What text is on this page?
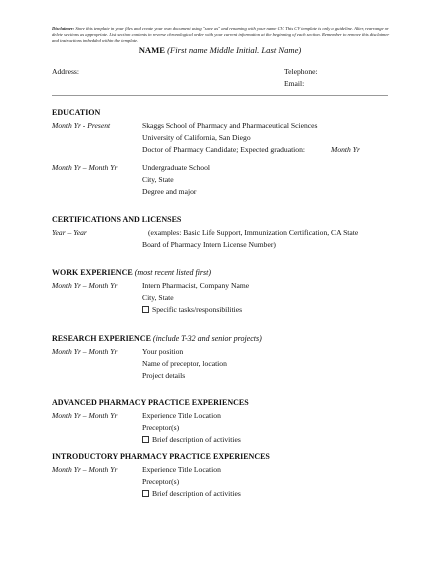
Disclaimer: Store this template in your files and create your own document using "save as" and renaming with your name CV. This CV template is only a guideline. Alter, rearrange or delete sections as appropriate. List section contents in reverse chronological order with your current information at the beginning of each section. Remember to remove this disclaimer and instructions imbedded within the template.
NAME (First name Middle Initial. Last Name)
Address:	Telephone:
Email:
EDUCATION
Month Yr - Present	Skaggs School of Pharmacy and Pharmaceutical Sciences
University of California, San Diego
Doctor of Pharmacy Candidate; Expected graduation:	Month Yr
Month Yr – Month Yr	Undergraduate School
City, State
Degree and major
CERTIFICATIONS AND LICENSES
Year – Year	(examples: Basic Life Support, Immunization Certification, CA State
Board of Pharmacy Intern License Number)
WORK EXPERIENCE (most recent listed first)
Month Yr – Month Yr	Intern Pharmacist, Company Name
City, State
Specific tasks/responsibilities
RESEARCH EXPERIENCE (include T-32 and senior projects)
Month Yr – Month Yr	Your position
Name of preceptor, location
Project details
ADVANCED PHARMACY PRACTICE EXPERIENCES
Month Yr – Month Yr	Experience Title Location
Preceptor(s)
Brief description of activities
INTRODUCTORY PHARMACY PRACTICE EXPERIENCES
Month Yr – Month Yr	Experience Title Location
Preceptor(s)
Brief description of activities
